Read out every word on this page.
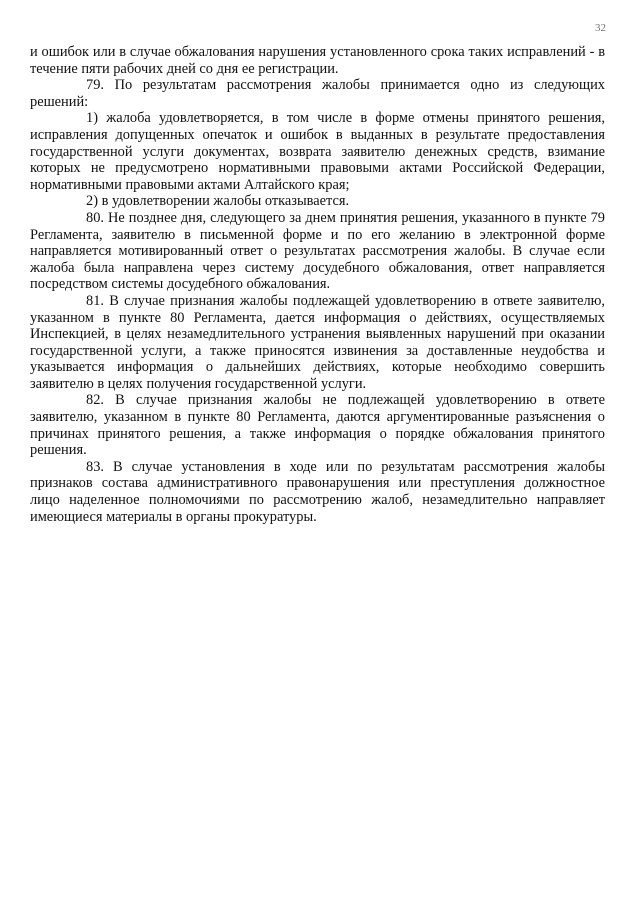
32

и ошибок или в случае обжалования нарушения установленного срока таких исправлений - в течение пяти рабочих дней со дня ее регистрации.

79. По результатам рассмотрения жалобы принимается одно из следующих решений:

1) жалоба удовлетворяется, в том числе в форме отмены принятого решения, исправления допущенных опечаток и ошибок в выданных в результате предоставления государственной услуги документах, возврата заявителю денежных средств, взимание которых не предусмотрено нормативными правовыми актами Российской Федерации, нормативными правовыми актами Алтайского края;

2) в удовлетворении жалобы отказывается.

80. Не позднее дня, следующего за днем принятия решения, указанного в пункте 79 Регламента, заявителю в письменной форме и по его желанию в электронной форме направляется мотивированный ответ о результатах рассмотрения жалобы. В случае если жалоба была направлена через систему досудебного обжалования, ответ направляется посредством системы досудебного обжалования.

81. В случае признания жалобы подлежащей удовлетворению в ответе заявителю, указанном в пункте 80 Регламента, дается информация о действиях, осуществляемых Инспекцией, в целях незамедлительного устранения выявленных нарушений при оказании государственной услуги, а также приносятся извинения за доставленные неудобства и указывается информация о дальнейших действиях, которые необходимо совершить заявителю в целях получения государственной услуги.

82. В случае признания жалобы не подлежащей удовлетворению в ответе заявителю, указанном в пункте 80 Регламента, даются аргументированные разъяснения о причинах принятого решения, а также информация о порядке обжалования принятого решения.

83. В случае установления в ходе или по результатам рассмотрения жалобы признаков состава административного правонарушения или преступления должностное лицо наделенное полномочиями по рассмотрению жалоб, незамедлительно направляет имеющиеся материалы в органы прокуратуры.
